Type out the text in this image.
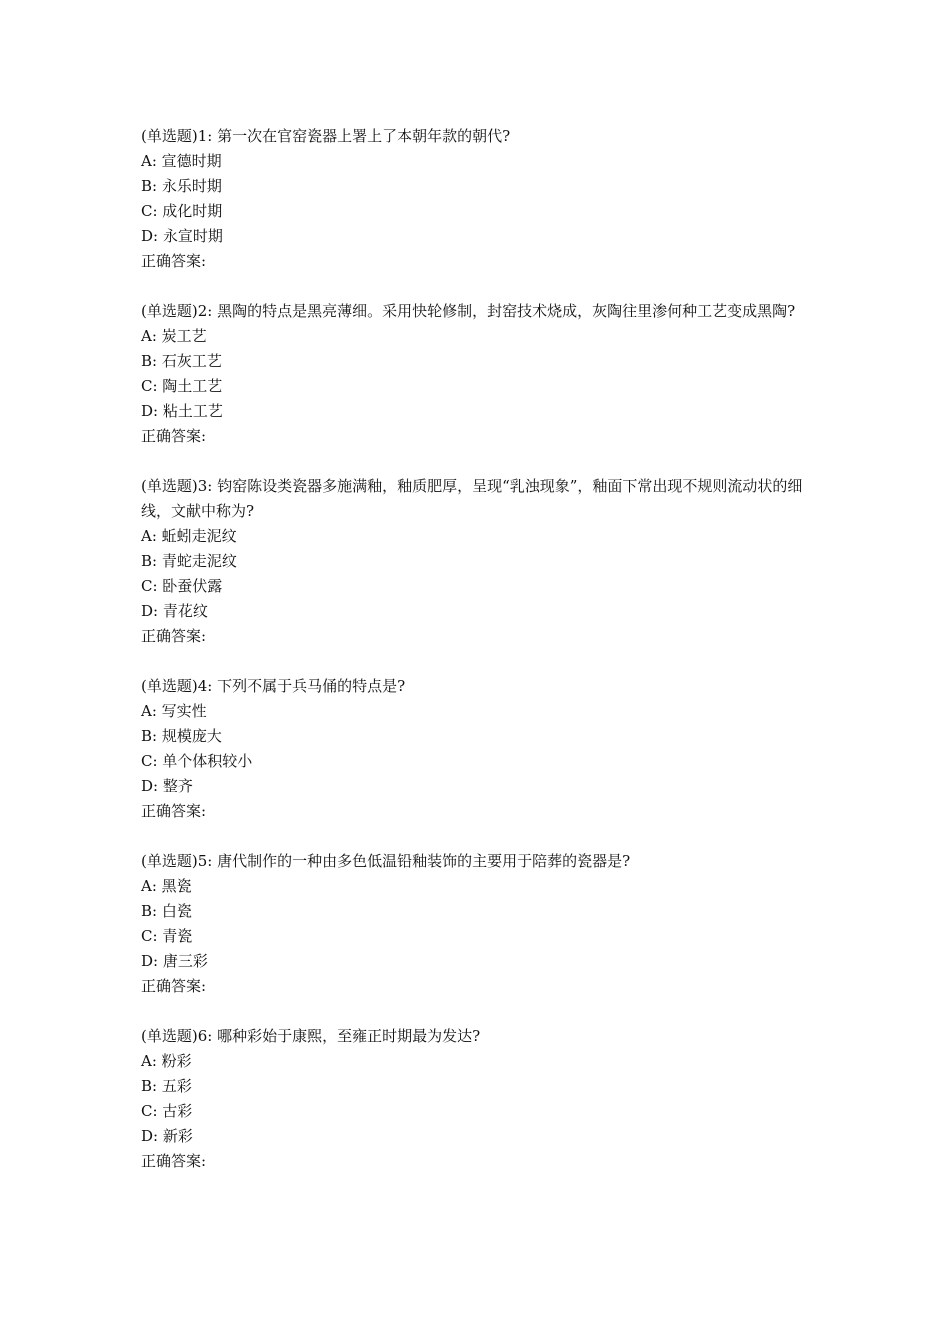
(单选题)1: 第一次在官窑瓷器上署上了本朝年款的朝代?
A: 宣德时期
B: 永乐时期
C: 成化时期
D: 永宣时期
正确答案:
(单选题)2: 黑陶的特点是黑亮薄细。采用快轮修制，封窑技术烧成，灰陶往里渗何种工艺变成黑陶?
A: 炭工艺
B: 石灰工艺
C: 陶土工艺
D: 粘土工艺
正确答案:
(单选题)3: 钧窑陈设类瓷器多施满釉，釉质肥厚，呈现“乳浊现象”，釉面下常出现不规则流动状的细线，文献中称为?
A: 蚯蚓走泥纹
B: 青蛇走泥纹
C: 卧蚕伏露
D: 青花纹
正确答案:
(单选题)4: 下列不属于兵马俑的特点是?
A: 写实性
B: 规模庞大
C: 单个体积较小
D: 整齐
正确答案:
(单选题)5: 唐代制作的一种由多色低温铅釉装饰的主要用于陪葬的瓷器是?
A: 黑瓷
B: 白瓷
C: 青瓷
D: 唐三彩
正确答案:
(单选题)6: 哪种彩始于康熙，至雍正时期最为发达?
A: 粉彩
B: 五彩
C: 古彩
D: 新彩
正确答案:
